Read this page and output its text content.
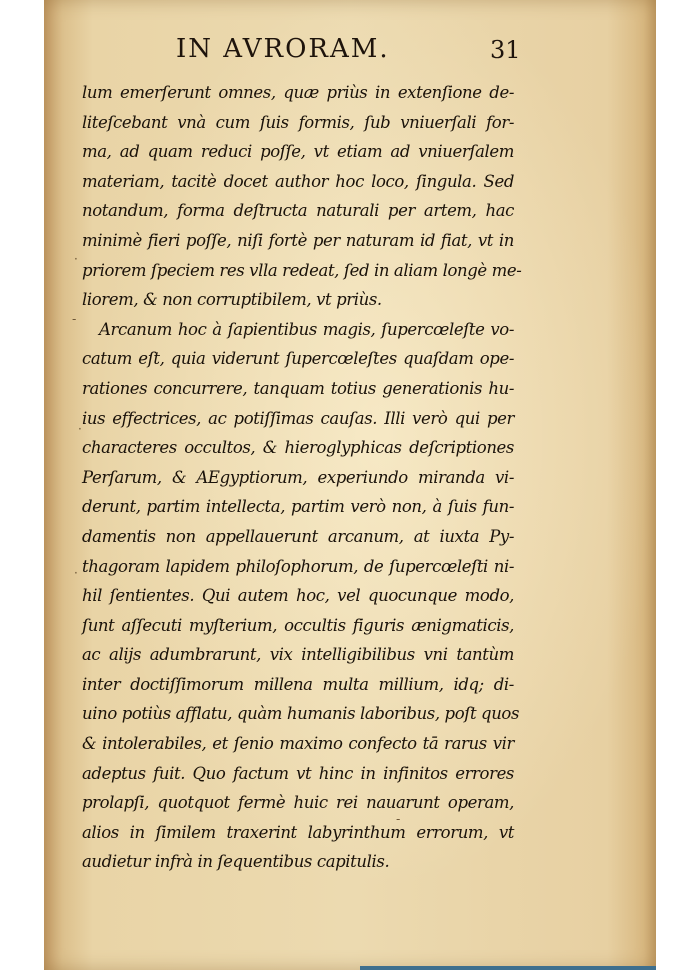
IN AVRORAM.	31
lum emerſerunt omnes, quæ priùs in extenſione de-
liteſcebant vnà cum ſuis formis, ſub vniuerſali for-
ma, ad quam reduci poſſe, vt etiam ad vniuerſalem
materiam, tacitè docet author hoc loco, ſingula. Sed
notandum, forma deſtructa naturali per artem, hac
minimè fieri poſſe, niſi fortè per naturam id fiat, vt in
priorem ſpeciem res vlla redeat, ſed in aliam longè me-
liorem, & non corruptibilem, vt priùs.
Arcanum hoc à ſapientibus magis, ſupercœleſte vo-
catum eſt, quia viderunt ſupercœleſtes quaſdam ope-
rationes concurrere, tanquam totius generationis hu-
ius effectrices, ac potiſſimas cauſas. Illi verò qui per
characteres occultos, & hieroglyphicas deſcriptiones
Perſarum, & AEgyptiorum, experiundo miranda vi-
derunt, partim intellecta, partim verò non, à ſuis fun-
damentis non appellauerunt arcanum, at iuxta Py-
thagoram lapidem philoſophorum, de ſupercœleſti ni-
hil ſentientes. Qui autem hoc, vel quocunque modo,
ſunt aſſecuti myſterium, occultis figuris ænigmaticis,
ac alijs adumbrarunt, vix intelligibilibus vni tantùm
inter doctiſſimorum millena multa millium, idq; di-
uino potiùs afflatu, quàm humanis laboribus, poſt quos
& intolerabiles, et ſenio maximo confecto tā rarus vir
adeptus fuit. Quo factum vt hinc in infinitos errores
prolapſi, quotquot fermè huic rei nauarunt operam,
alios in ſimilem traxerint labyrinthum errorum, vt
audietur infrà in ſequentibus capitulis.
·
-
·
·
-
